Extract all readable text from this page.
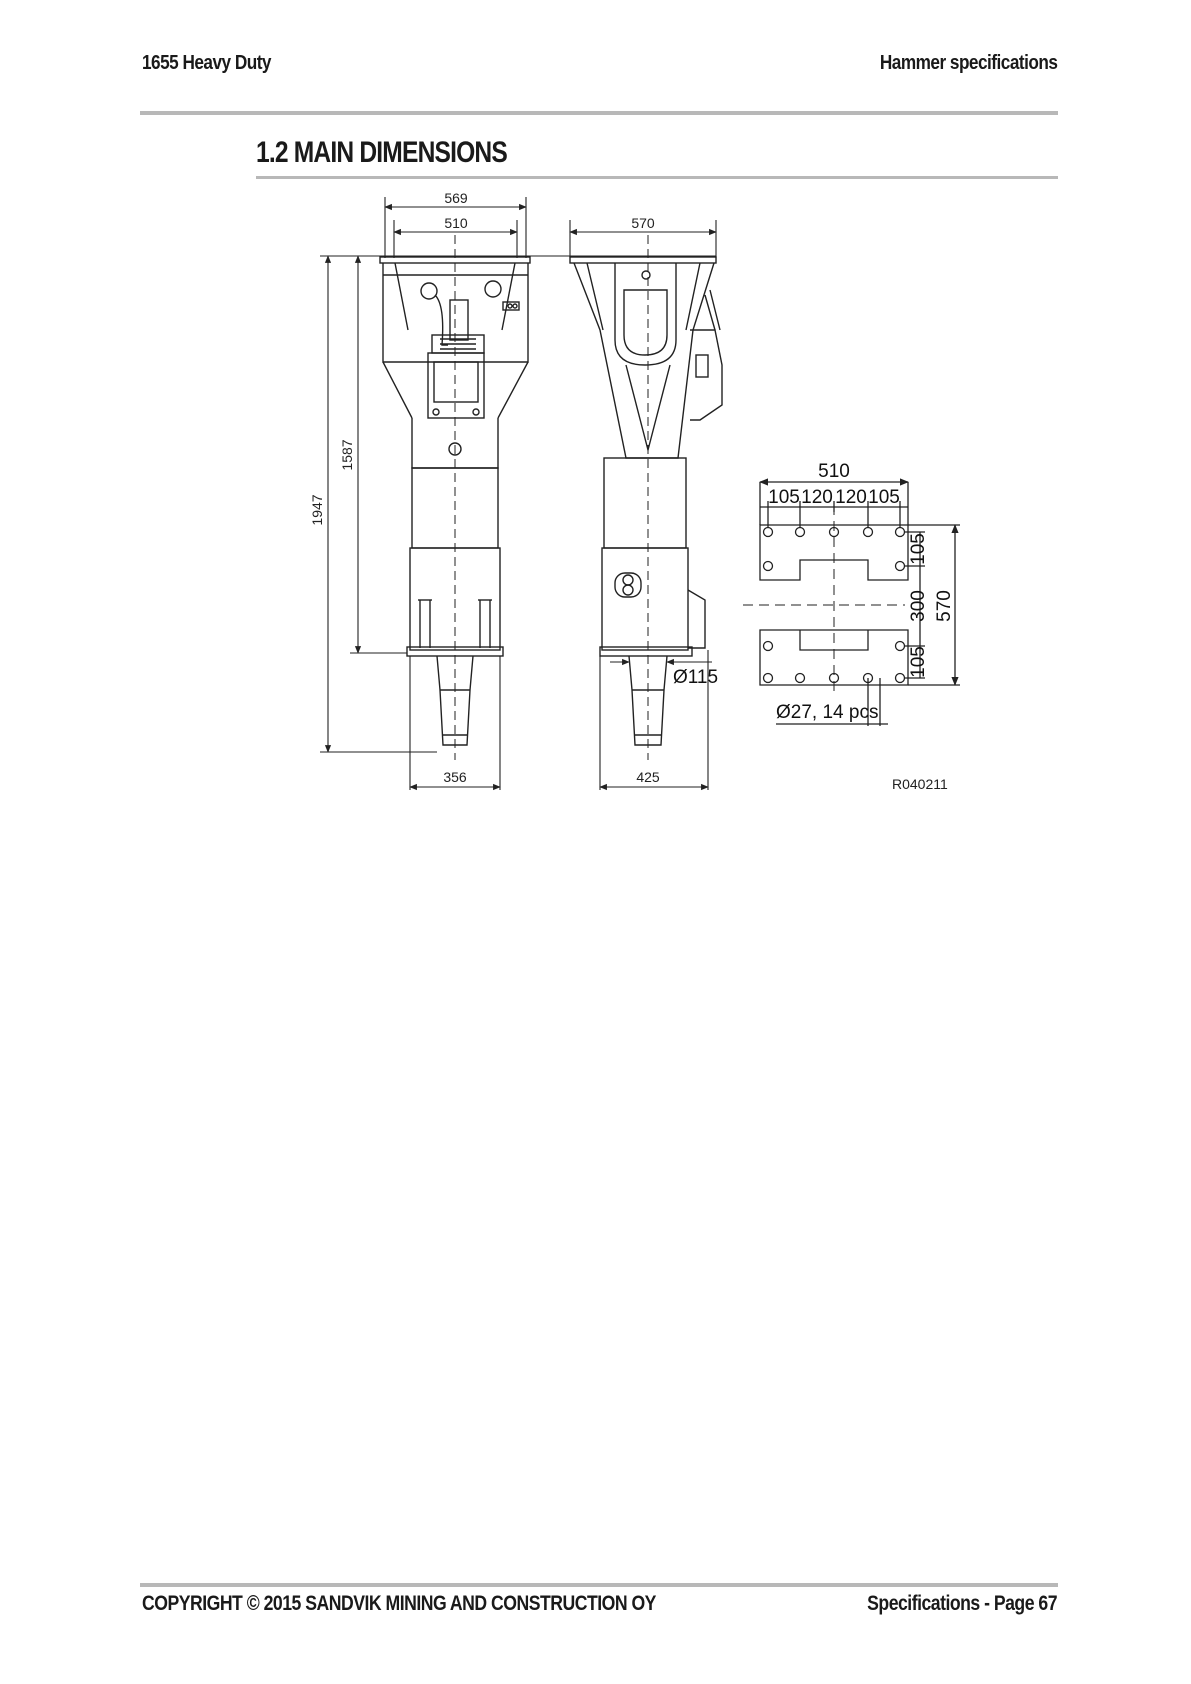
1655 Heavy Duty	Hammer specifications
1.2 MAIN DIMENSIONS
569
510	570
1587
1947
356	425
Ø115
510
105 120 120 105
105
300 570
105
Ø27, 14 pcs
R040211
COPYRIGHT © 2015 SANDVIK MINING AND CONSTRUCTION OY	Specifications - Page 67
